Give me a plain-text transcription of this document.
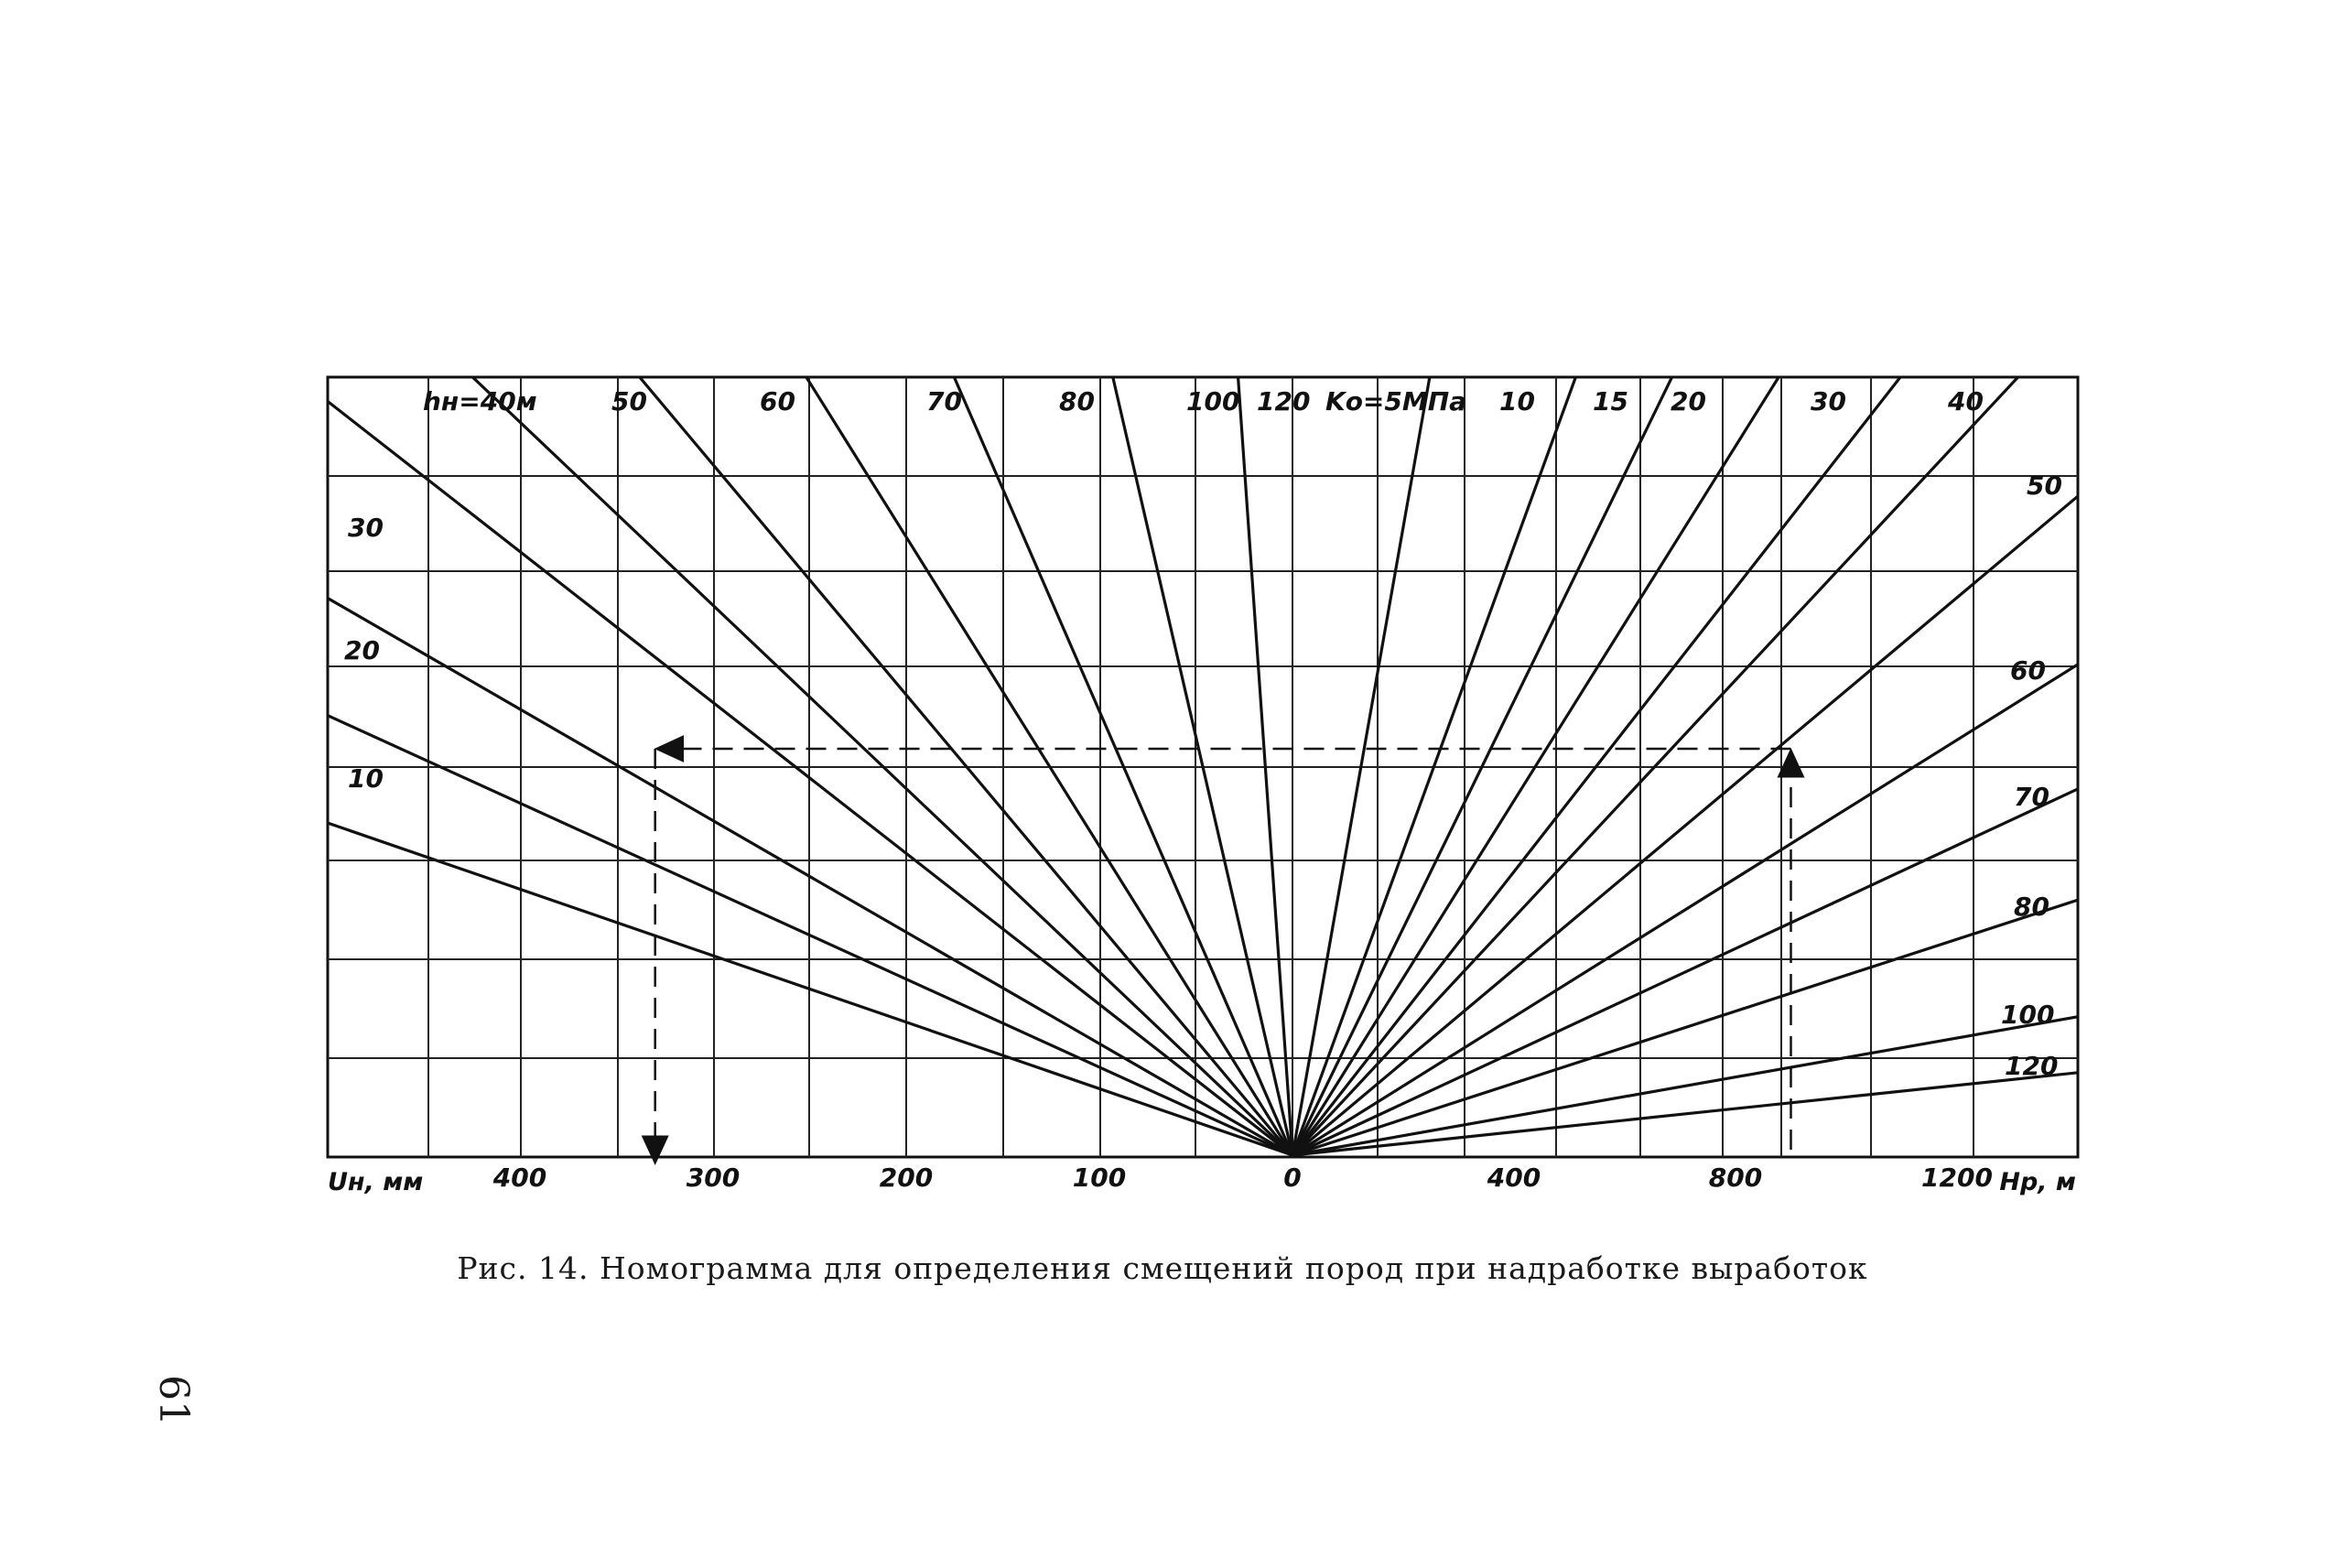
hн=40м	50	60	70	80	100 120
30
20
10
Kо=5МПа 10 15 20	30	40
50
60
70
80
100
120
Uн, мм	400	300	200	100	0	400	800	1200 Hр, м
Рис. 14. Номограмма для определения смещений пород при надработке выработок
61
